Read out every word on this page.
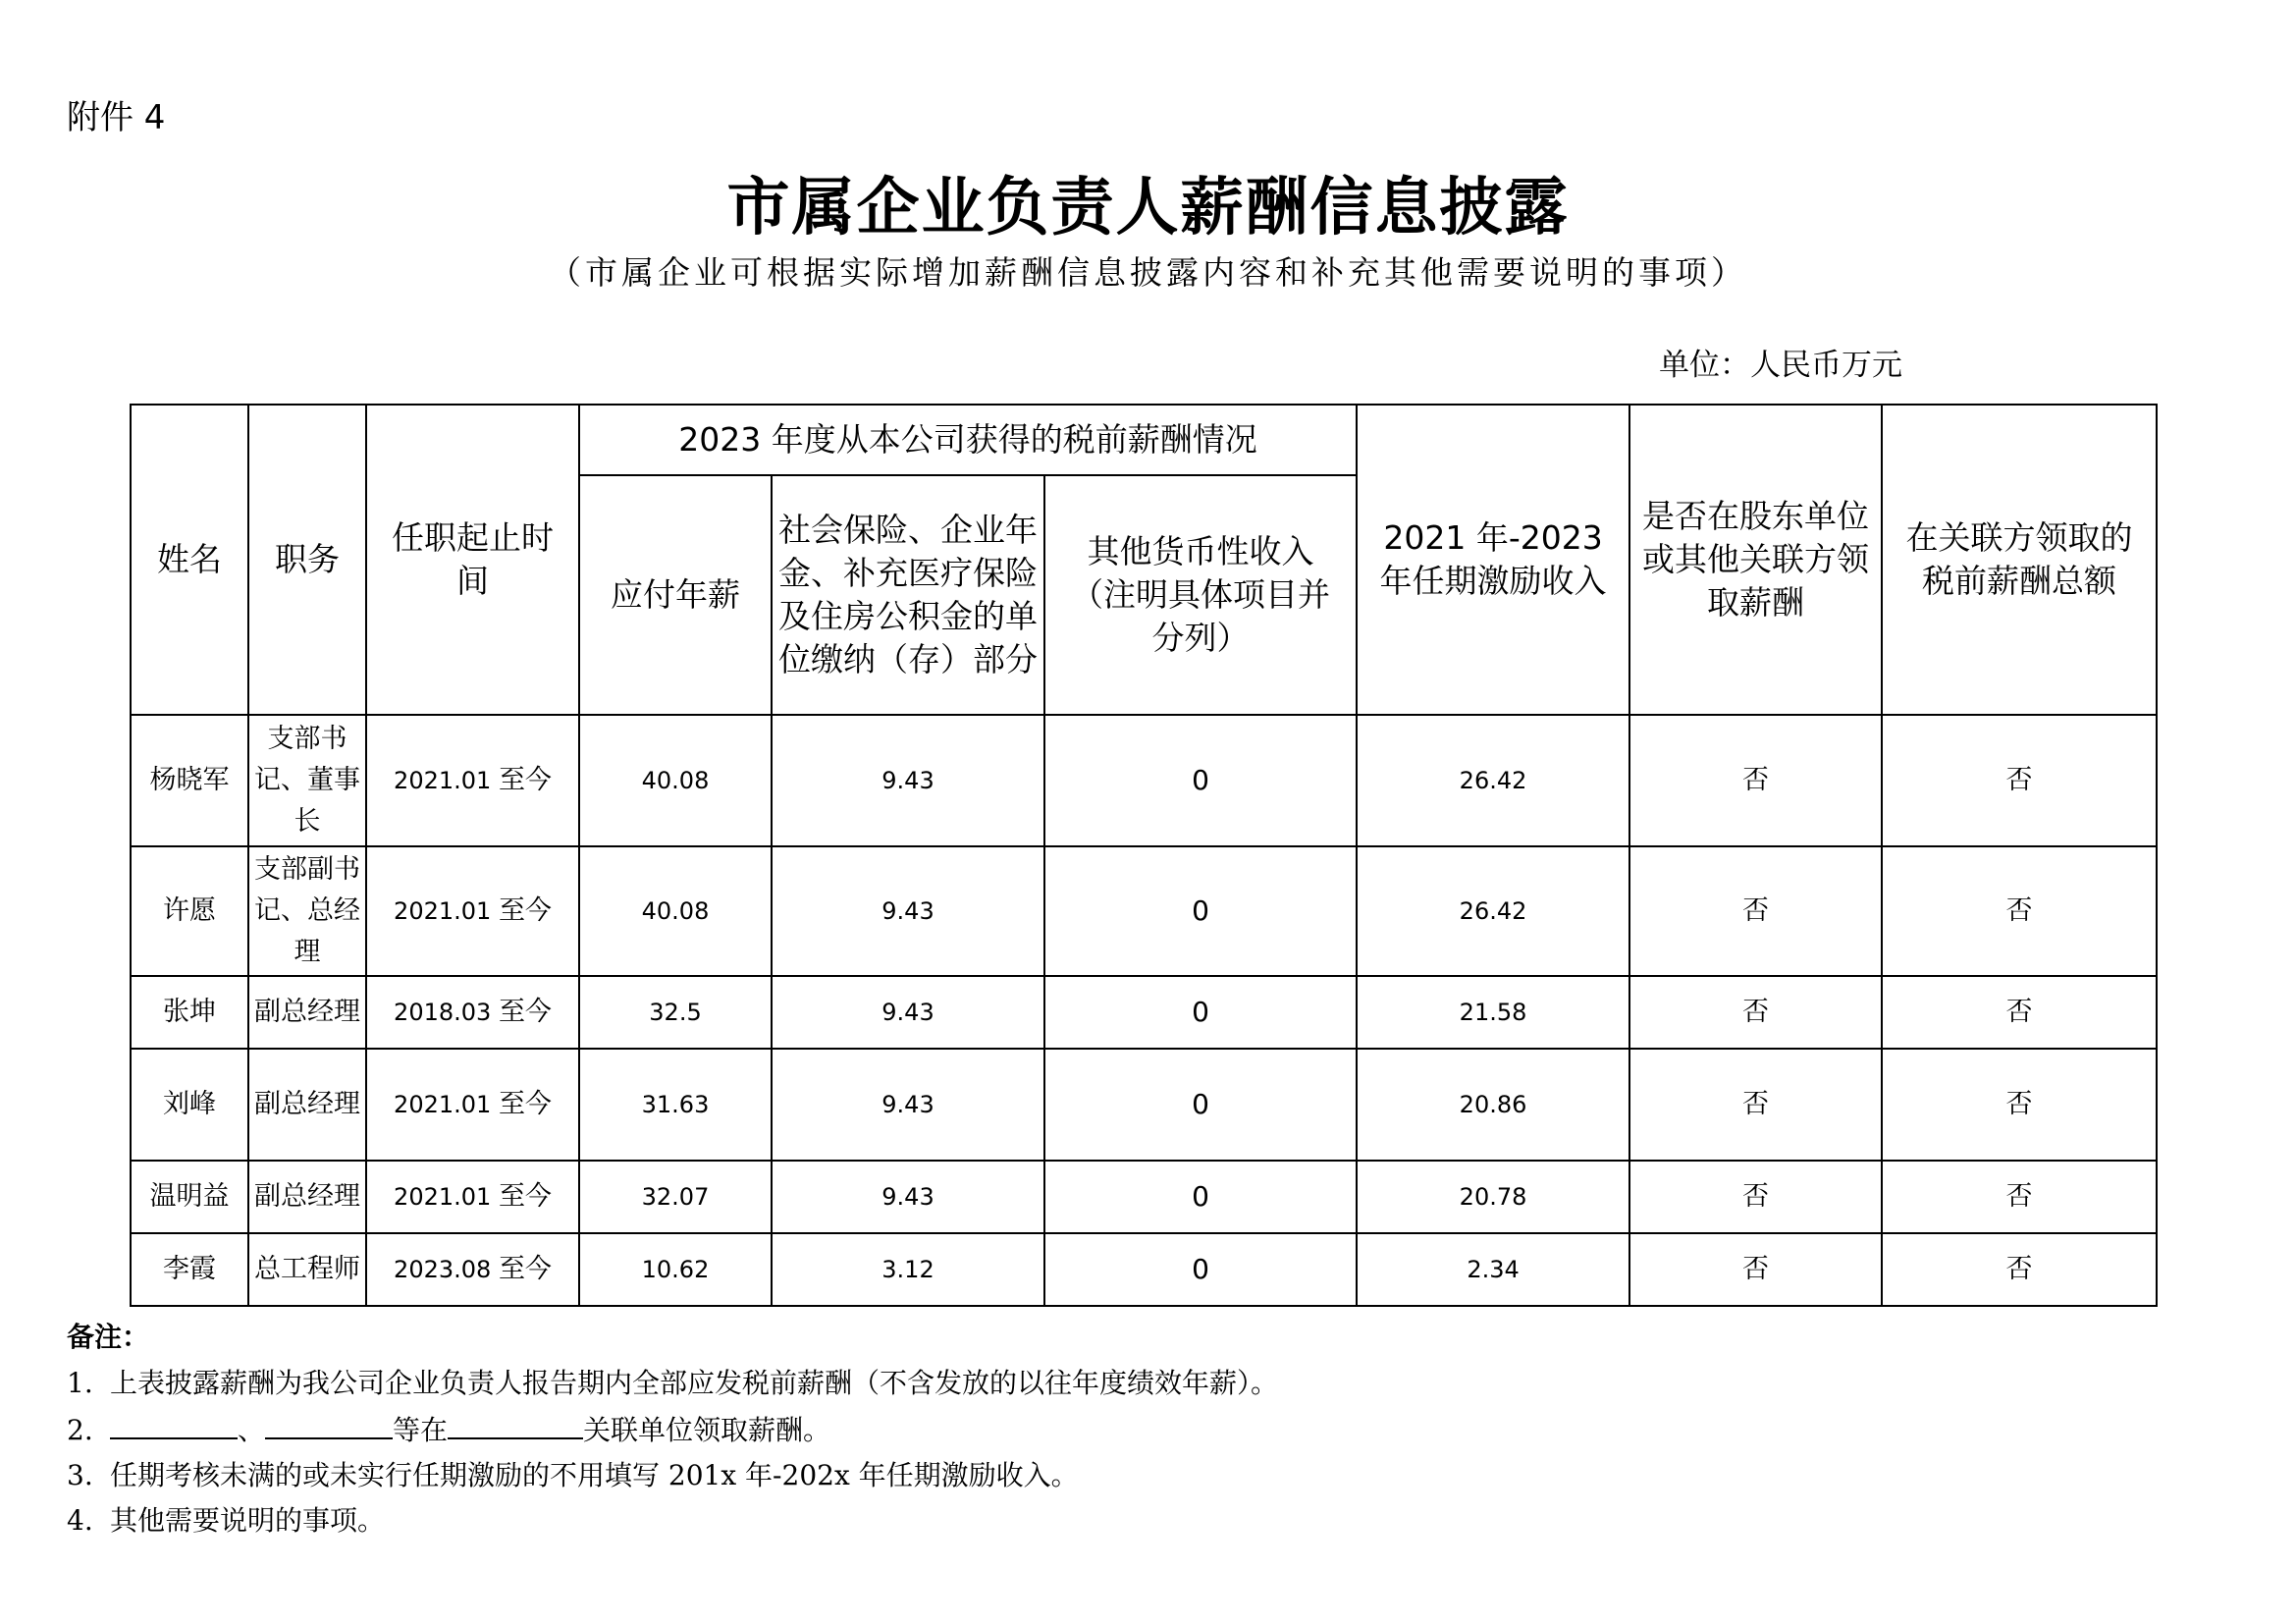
附件 4
市属企业负责人薪酬信息披露
（市属企业可根据实际增加薪酬信息披露内容和补充其他需要说明的事项）
单位：人民币万元
姓名	职务	任职起止时间	2023 年度从本公司获得的税前薪酬情况			2021 年-2023 年任期激励收入	是否在股东单位或其他关联方领取薪酬	在关联方领取的税前薪酬总额
			应付年薪	社会保险、企业年金、补充医疗保险及住房公积金的单位缴纳（存）部分	其他货币性收入（注明具体项目并分列）			
杨晓军	支部书记、董事长	2021.01 至今	40.08	9.43	0	26.42	否	否
许愿	支部副书记、总经理	2021.01 至今	40.08	9.43	0	26.42	否	否
张坤	副总经理	2018.03 至今	32.5	9.43	0	21.58	否	否
刘峰	副总经理	2021.01 至今	31.63	9.43	0	20.86	否	否
温明益	副总经理	2021.01 至今	32.07	9.43	0	20.78	否	否
李霞	总工程师	2023.08 至今	10.62	3.12	0	2.34	否	否
备注：
1. 上表披露薪酬为我公司企业负责人报告期内全部应发税前薪酬（不含发放的以往年度绩效年薪）。
2.	、	等在	关联单位领取薪酬。
3. 任期考核未满的或未实行任期激励的不用填写 201x 年-202x 年任期激励收入。
4. 其他需要说明的事项。
